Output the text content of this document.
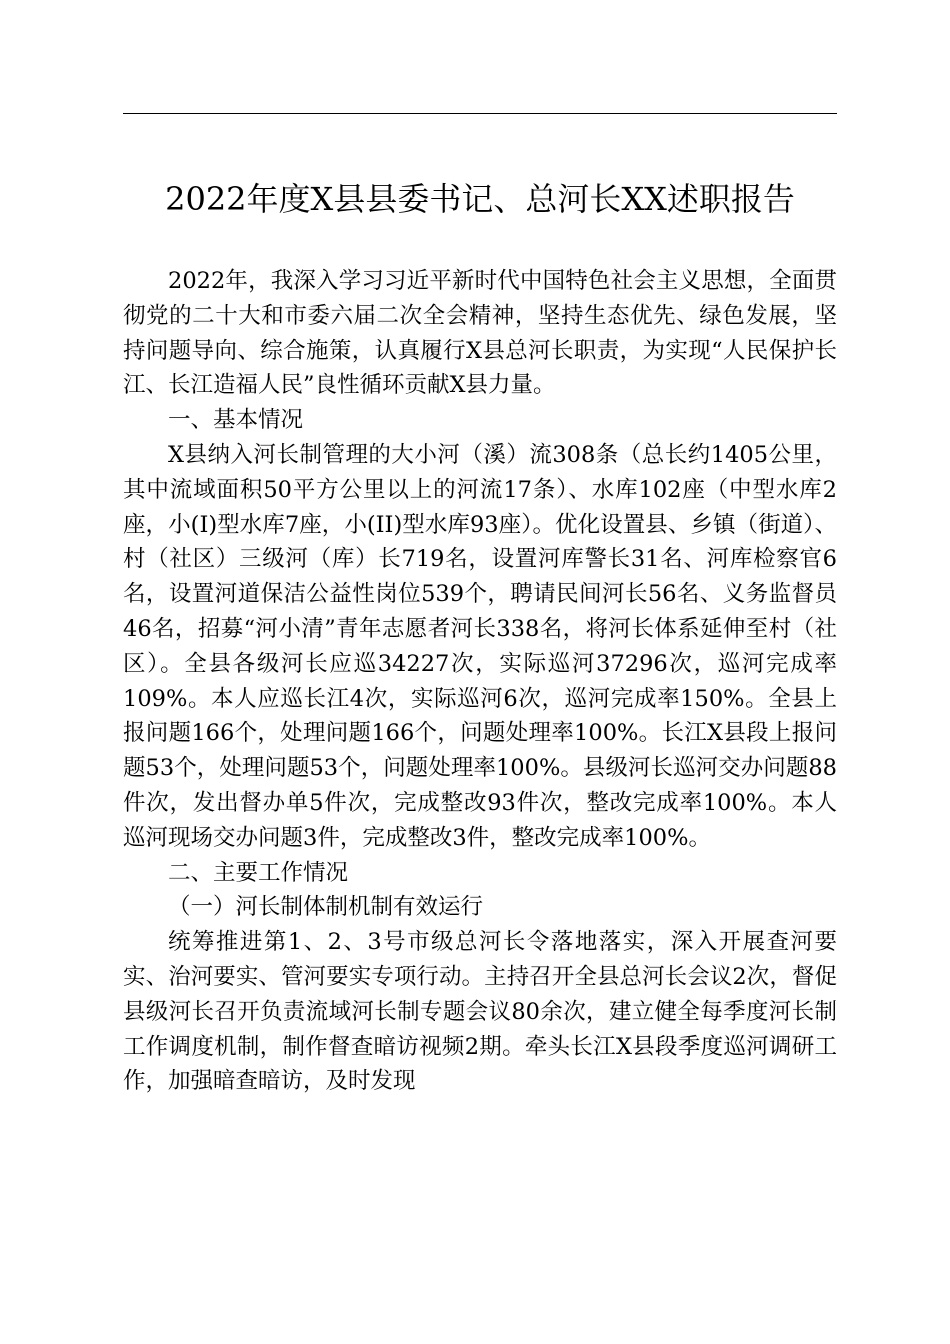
2022年度X县县委书记、总河长XX述职报告

2022年，我深入学习习近平新时代中国特色社会主义思想，全面贯彻党的二十大和市委六届二次全会精神，坚持生态优先、绿色发展，坚持问题导向、综合施策，认真履行X县总河长职责，为实现“人民保护长江、长江造福人民”良性循环贡献X县力量。

一、基本情况

X县纳入河长制管理的大小河（溪）流308条（总长约1405公里，其中流域面积50平方公里以上的河流17条）、水库102座（中型水库2座，小(I)型水库7座，小(II)型水库93座）。优化设置县、乡镇（街道）、村（社区）三级河（库）长719名，设置河库警长31名、河库检察官6名，设置河道保洁公益性岗位539个，聘请民间河长56名、义务监督员46名，招募“河小清”青年志愿者河长338名，将河长体系延伸至村（社区）。全县各级河长应巡34227次，实际巡河37296次，巡河完成率109%。本人应巡长江4次，实际巡河6次，巡河完成率150%。全县上报问题166个，处理问题166个，问题处理率100%。长江X县段上报问题53个，处理问题53个，问题处理率100%。县级河长巡河交办问题88件次，发出督办单5件次，完成整改93件次，整改完成率100%。本人巡河现场交办问题3件，完成整改3件，整改完成率100%。

二、主要工作情况

（一）河长制体制机制有效运行

统筹推进第1、2、3号市级总河长令落地落实，深入开展查河要实、治河要实、管河要实专项行动。主持召开全县总河长会议2次，督促县级河长召开负责流域河长制专题会议80余次，建立健全每季度河长制工作调度机制，制作督查暗访视频2期。牵头长江X县段季度巡河调研工作，加强暗查暗访，及时发现
